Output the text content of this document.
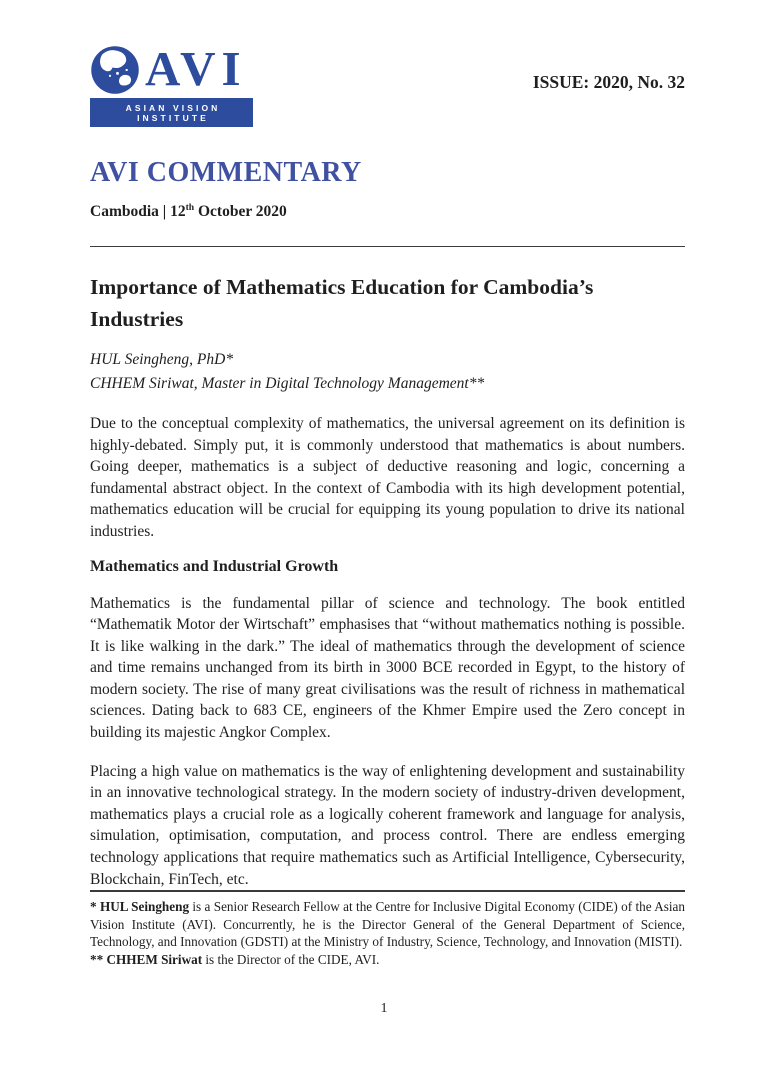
AVI
ASIAN VISION INSTITUTE
ISSUE: 2020, No. 32
AVI COMMENTARY
Cambodia | 12th October 2020
Importance of Mathematics Education for Cambodia’s Industries

HUL Seingheng, PhD*

CHHEM Siriwat, Master in Digital Technology Management**

Due to the conceptual complexity of mathematics, the universal agreement on its definition is highly-debated. Simply put, it is commonly understood that mathematics is about numbers. Going deeper, mathematics is a subject of deductive reasoning and logic, concerning a fundamental abstract object. In the context of Cambodia with its high development potential, mathematics education will be crucial for equipping its young population to drive its national industries.

Mathematics and Industrial Growth

Mathematics is the fundamental pillar of science and technology. The book entitled “Mathematik Motor der Wirtschaft” emphasises that “without mathematics nothing is possible. It is like walking in the dark.” The ideal of mathematics through the development of science and time remains unchanged from its birth in 3000 BCE recorded in Egypt, to the history of modern society. The rise of many great civilisations was the result of richness in mathematical sciences. Dating back to 683 CE, engineers of the Khmer Empire used the Zero concept in building its majestic Angkor Complex.

Placing a high value on mathematics is the way of enlightening development and sustainability in an innovative technological strategy. In the modern society of industry-driven development, mathematics plays a crucial role as a logically coherent framework and language for analysis, simulation, optimisation, computation, and process control. There are endless emerging technology applications that require mathematics such as Artificial Intelligence, Cybersecurity, Blockchain, FinTech, etc.

* HUL Seingheng is a Senior Research Fellow at the Centre for Inclusive Digital Economy (CIDE) of the Asian Vision Institute (AVI). Concurrently, he is the Director General of the General Department of Science, Technology, and Innovation (GDSTI) at the Ministry of Industry, Science, Technology, and Innovation (MISTI).

** CHHEM Siriwat is the Director of the CIDE, AVI.

1
